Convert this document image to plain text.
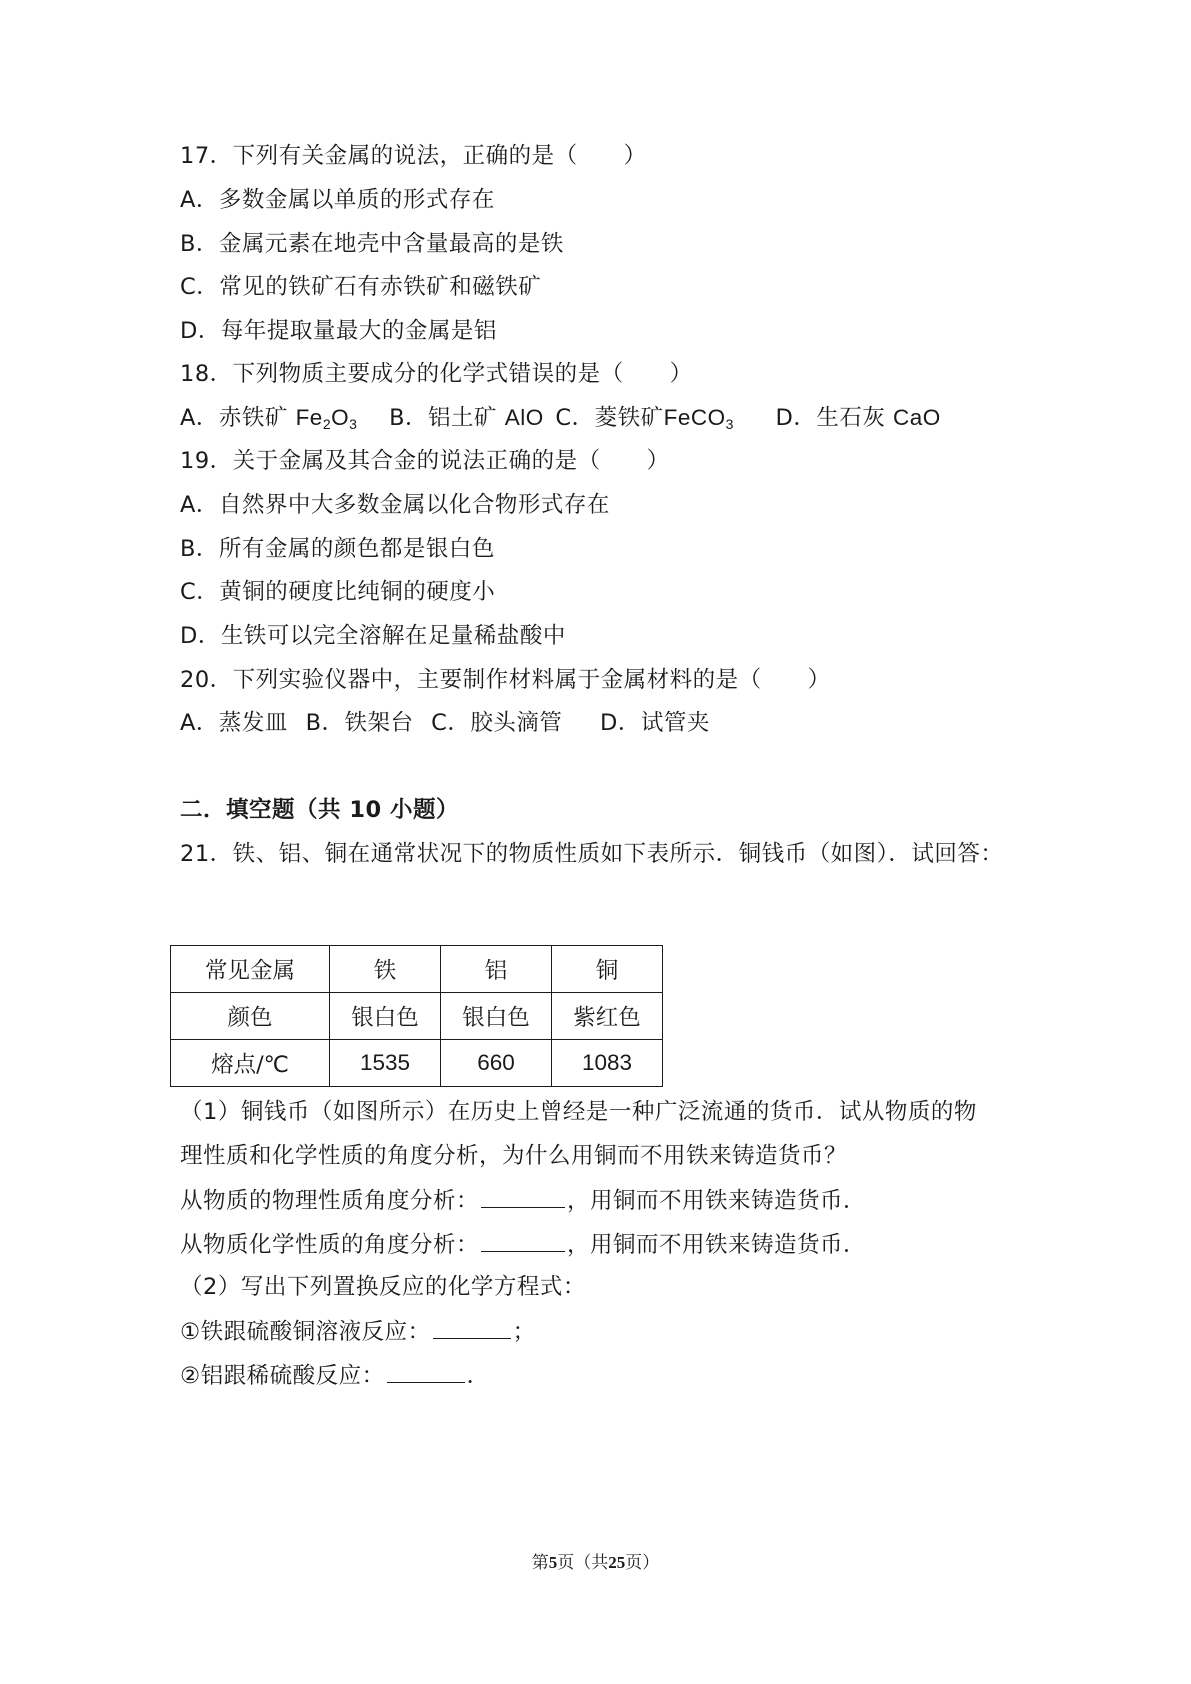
17．下列有关金属的说法，正确的是（　　）
A．多数金属以单质的形式存在
B．金属元素在地壳中含量最高的是铁
C．常见的铁矿石有赤铁矿和磁铁矿
D．每年提取量最大的金属是铝
18．下列物质主要成分的化学式错误的是（　　）
A．赤铁矿 $Fe_2O_3$ B．铝土矿 AlO C．菱铁矿FeCO$_3$ D．生石灰 CaO
19．关于金属及其合金的说法正确的是（　　）
A．自然界中大多数金属以化合物形式存在
B．所有金属的颜色都是银白色
C．黄铜的硬度比纯铜的硬度小
D．生铁可以完全溶解在足量稀盐酸中
20．下列实验仪器中，主要制作材料属于金属材料的是（　　）
A．蒸发皿 B．铁架台 C．胶头滴管 D．试管夹
二．填空题（共 10 小题）
21．铁、铝、铜在通常状况下的物质性质如下表所示．铜钱币（如图）．试回答：
常见金属	铁	铝	铜
颜色	银白色	银白色	紫红色
熔点/℃	1535	660	1083
（1）铜钱币（如图所示）在历史上曾经是一种广泛流通的货币．试从物质的物
理性质和化学性质的角度分析，为什么用铜而不用铁来铸造货币？
从物质的物理性质角度分析：	，用铜而不用铁来铸造货币．
从物质化学性质的角度分析：	，用铜而不用铁来铸造货币．
（2）写出下列置换反应的化学方程式：
①铁跟硫酸铜溶液反应：	；
②铝跟稀硫酸反应：	．
第5页（共25页）
